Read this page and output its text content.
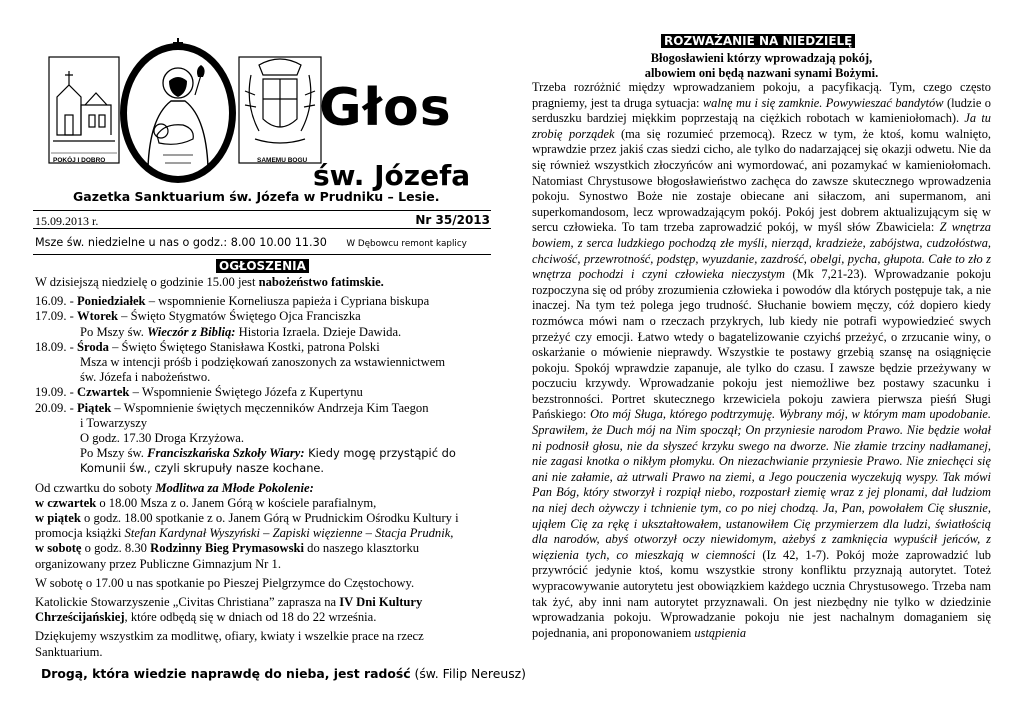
POKÓJ I DOBRO	SAMEMU BOGU
Głos
św. Józefa
Gazetka Sanktuarium św. Józefa w Prudniku – Lesie.
15.09.2013 r.	Nr 35/2013
Msze św. niedzielne u nas o godz.: 8.00 10.00 11.30 W Dębowcu remont kaplicy
OGŁOSZENIA

W dzisiejszą niedzielę o godzinie 15.00 jest nabożeństwo fatimskie.

16.09. - Poniedziałek – wspomnienie Korneliusza papieża i Cypriana biskupa

17.09. - Wtorek – Święto Stygmatów Świętego Ojca Franciszka

Po Mszy św. Wieczór z Biblią: Historia Izraela. Dzieje Dawida.

18.09. - Środa – Święto Świętego Stanisława Kostki, patrona Polski

Msza w intencji próśb i podziękowań zanoszonych za wstawiennictwem

św. Józefa i nabożeństwo.

19.09. - Czwartek – Wspomnienie Świętego Józefa z Kupertynu

20.09. - Piątek – Wspomnienie świętych męczenników Andrzeja Kim Taegon

i Towarzyszy

O godz. 17.30 Droga Krzyżowa.

Po Mszy św. Franciszkańska Szkoły Wiary: Kiedy mogę przystąpić do

Komunii św., czyli skrupuły nasze kochane.

Od czwartku do soboty Modlitwa za Młode Pokolenie:

w czwartek o 18.00 Msza z o. Janem Górą w kościele parafialnym,

w piątek o godz. 18.00 spotkanie z o. Janem Górą w Prudnickim Ośrodku Kultury i

promocja książki Stefan Kardynał Wyszyński – Zapiski więzienne – Stacja Prudnik,

w sobotę o godz. 8.30 Rodzinny Bieg Prymasowski do naszego klasztorku

organizowany przez Publiczne Gimnazjum Nr 1.

W sobotę o 17.00 u nas spotkanie po Pieszej Pielgrzymce do Częstochowy.

Katolickie Stowarzyszenie „Civitas Christiana” zaprasza na IV Dni Kultury

Chrześcijańskiej, które odbędą się w dniach od 18 do 22 września.

Dziękujemy wszystkim za modlitwę, ofiary, kwiaty i wszelkie prace na rzecz

Sanktuarium.

Drogą, która wiedzie naprawdę do nieba, jest radość (św. Filip Nereusz)
ROZWAŻANIE NA NIEDZIELĘ
Błogosławieni którzy wprowadzają pokój,
albowiem oni będą nazwani synami Bożymi.
Trzeba rozróżnić między wprowadzaniem pokoju, a pacyfikacją. Tym, czego często pragniemy, jest ta druga sytuacja: walnę mu i się zamknie. Powywieszać bandytów (ludzie o serduszku bardziej miękkim poprzestają na ciężkich robotach w kamieniołomach). Ja tu zrobię porządek (ma się rozumieć przemocą). Rzecz w tym, że ktoś, komu walnięto, wprawdzie przez jakiś czas siedzi cicho, ale tylko do nadarzającej się okazji odwetu. Nie da się również wszystkich złoczyńców ani wymordować, ani pozamykać w kamieniołomach. Natomiast Chrystusowe błogosławieństwo zachęca do zawsze skutecznego wprowadzenia pokoju. Synostwo Boże nie zostaje obiecane ani siłaczom, ani supermanom, ani superkomandosom, lecz wprowadzającym pokój. Pokój jest dobrem aktualizującym się w sercu człowieka. To tam trzeba zaprowadzić pokój, w myśl słów Zbawiciela: Z wnętrza bowiem, z serca ludzkiego pochodzą złe myśli, nierząd, kradzieże, zabójstwa, cudzołóstwa, chciwość, przewrotność, podstęp, wyuzdanie, zazdrość, obelgi, pycha, głupota. Całe to zło z wnętrza pochodzi i czyni człowieka nieczystym (Mk 7,21-23). Wprowadzanie pokoju rozpoczyna się od próby zrozumienia człowieka i powodów dla których postępuje tak, a nie inaczej. Na tym też polega jego trudność. Słuchanie bowiem męczy, cóż dopiero kiedy rozmówca mówi nam o rzeczach przykrych, lub kiedy nie potrafi wypowiedzieć swych przeżyć czy emocji. Łatwo wtedy o bagatelizowanie czyichś przeżyć, o zrzucanie winy, o oskarżanie o mówienie nieprawdy. Wszystkie te postawy grzebią szansę na osiągnięcie pokoju. Spokój wprawdzie zapanuje, ale tylko do czasu. I zawsze będzie przeżywany w poczuciu krzywdy. Wprowadzanie pokoju jest niemożliwe bez postawy szacunku i bezstronności. Portret skutecznego krzewiciela pokoju zawiera pierwsza pieśń Sługi Pańskiego: Oto mój Sługa, którego podtrzymuję. Wybrany mój, w którym mam upodobanie. Sprawiłem, że Duch mój na Nim spoczął; On przyniesie narodom Prawo. Nie będzie wołał ni podnosił głosu, nie da słyszeć krzyku swego na dworze. Nie złamie trzciny nadłamanej, nie zagasi knotka o nikłym płomyku. On niezachwianie przyniesie Prawo. Nie zniechęci się ani nie załamie, aż utrwali Prawo na ziemi, a Jego pouczenia wyczekują wyspy. Tak mówi Pan Bóg, który stworzył i rozpiął niebo, rozpostarł ziemię wraz z jej plonami, dał ludziom na niej dech ożywczy i tchnienie tym, co po niej chodzą. Ja, Pan, powołałem Cię słusznie, ująłem Cię za rękę i ukształtowałem, ustanowiłem Cię przymierzem dla ludzi, światłością dla narodów, abyś otworzył oczy niewidomym, ażebyś z zamknięcia wypuścił jeńców, z więzienia tych, co mieszkają w ciemności (Iz 42, 1-7). Pokój może zaprowadzić lub przywrócić jedynie ktoś, komu wszystkie strony konfliktu przyznają autorytet. Toteż wypracowywanie autorytetu jest obowiązkiem każdego ucznia Chrystusowego. Trzeba nam tak żyć, aby inni nam autorytet przyznawali. On jest niezbędny nie tylko w dziedzinie wprowadzania pokoju. Wprowadzanie pokoju nie jest nachalnym domaganiem się pojednania, ani proponowaniem ustąpienia
